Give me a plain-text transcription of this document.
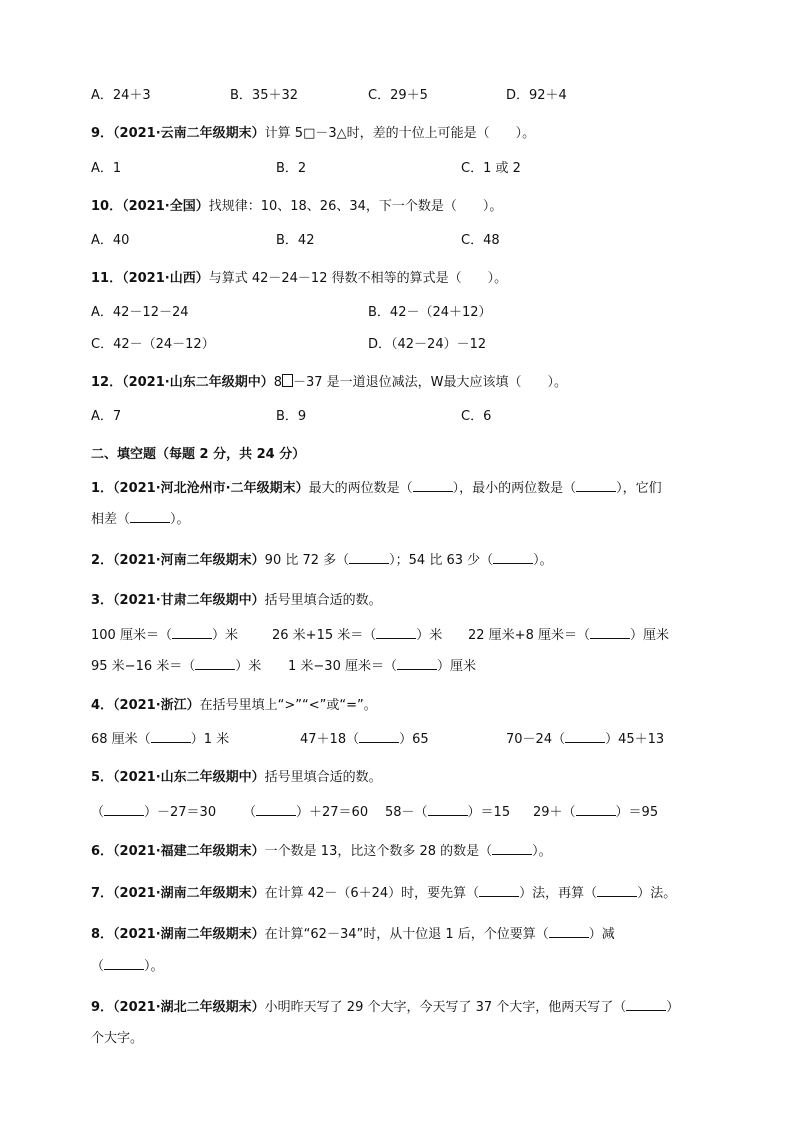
A．24＋3	B．35＋32	C．29＋5	D．92＋4
9．（2021·云南二年级期末）计算 5□－3△时，差的十位上可能是（　　）。
A．1	B．2	C．1 或 2
10．（2021·全国）找规律：10、18、26、34，下一个数是（　　）。
A．40	B．42	C．48
11．（2021·山西）与算式 42－24－12 得数不相等的算式是（　　）。
A．42－12－24	B．42－（24＋12）
C．42－（24－12）	D．（42－24）－12
12．（2021·山东二年级期中）8 －37 是一道退位减法，W最大应该填（　　）。
A．7	B．9	C．6
二、填空题（每题 2 分，共 24 分）
1．（2021·河北沧州市·二年级期末）最大的两位数是（	），最小的两位数是（	），它们
相差（	）。
2．（2021·河南二年级期末）90 比 72 多（	）；54 比 63 少（	）。
3．（2021·甘肃二年级期中）括号里填合适的数。
100 厘米＝（	）米	26 米+15 米＝（	）米 22 厘米+8 厘米＝（	）厘米
95 米−16 米＝（	）米 1 米−30 厘米＝（	）厘米
4．（2021·浙江）在括号里填上“>”“<”或“=”。
68 厘米（	）1 米	47＋18（	）65	70－24（	）45＋13
5．（2021·山东二年级期中）括号里填合适的数。
（	）－27＝30 （	）＋27＝60 58－（	）＝15 29＋（	）＝95
6．（2021·福建二年级期末）一个数是 13，比这个数多 28 的数是（	）。
7．（2021·湖南二年级期末）在计算 42－（6＋24）时，要先算（	）法，再算（	）法。
8．（2021·湖南二年级期末）在计算“62－34”时，从十位退 1 后，个位要算（	）减
（	）。
9．（2021·湖北二年级期末）小明昨天写了 29 个大字，今天写了 37 个大字，他两天写了（	）
个大字。
